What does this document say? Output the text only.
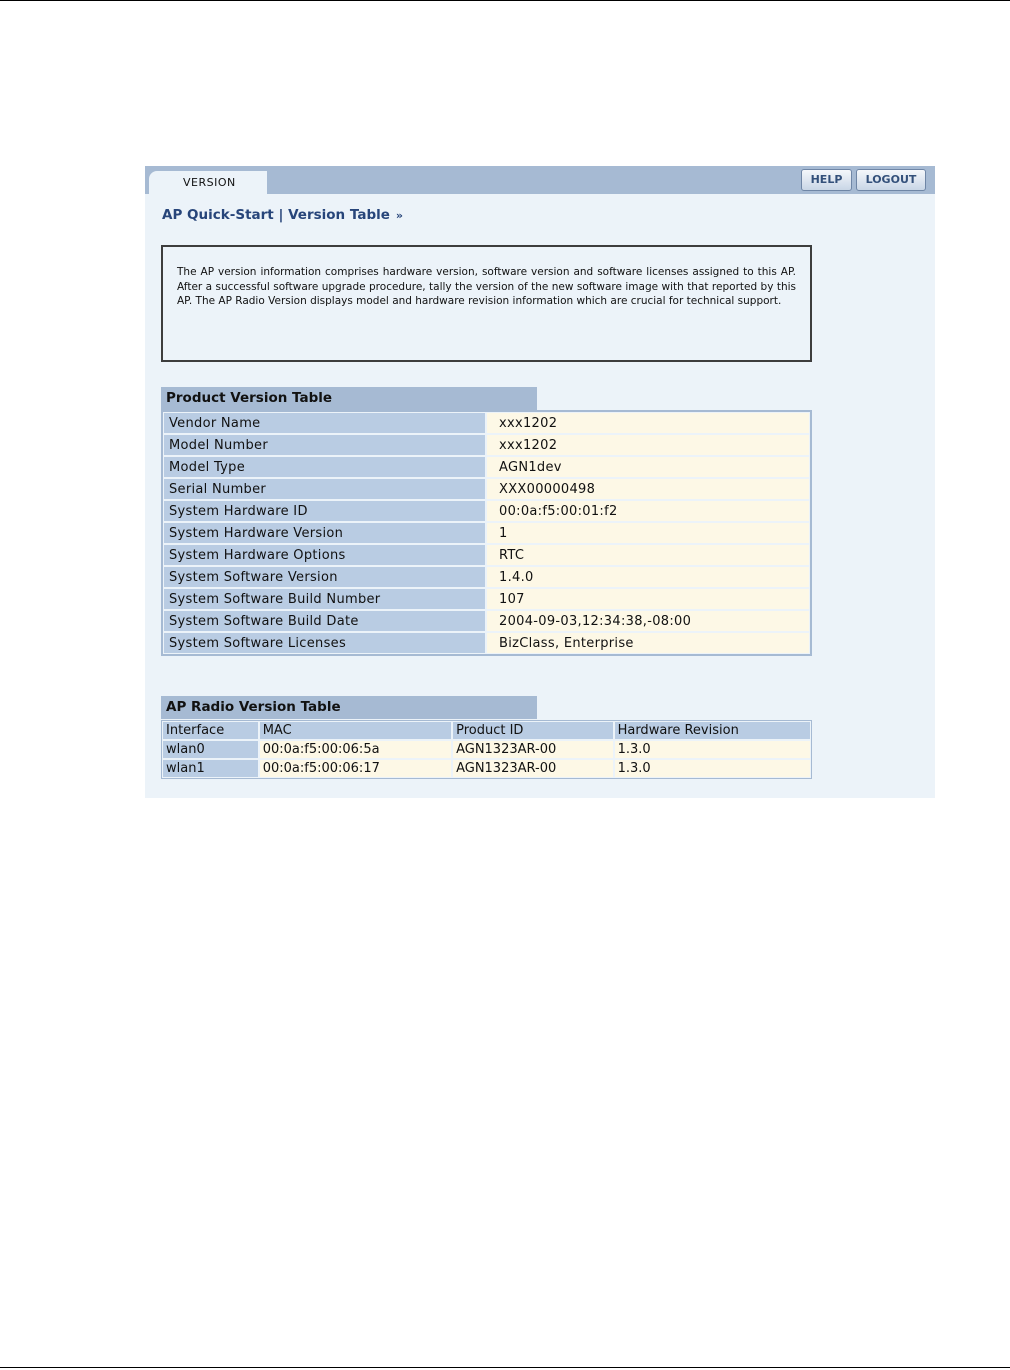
VERSION	HELP	LOGOUT
AP Quick-Start | Version Table »
The AP version information comprises hardware version, software version and software licenses assigned to this AP. After a successful software upgrade procedure, tally the version of the new software image with that reported by this AP. The AP Radio Version displays model and hardware revision information which are crucial for technical support.
Product Version Table
Vendor Name	xxx1202
Model Number	xxx1202
Model Type	AGN1dev
Serial Number	XXX00000498
System Hardware ID	00:0a:f5:00:01:f2
System Hardware Version	1
System Hardware Options	RTC
System Software Version	1.4.0
System Software Build Number	107
System Software Build Date	2004-09-03,12:34:38,-08:00
System Software Licenses	BizClass, Enterprise
AP Radio Version Table
Interface	MAC	Product ID	Hardware Revision
wlan0	00:0a:f5:00:06:5a	AGN1323AR-00	1.3.0
wlan1	00:0a:f5:00:06:17	AGN1323AR-00	1.3.0
